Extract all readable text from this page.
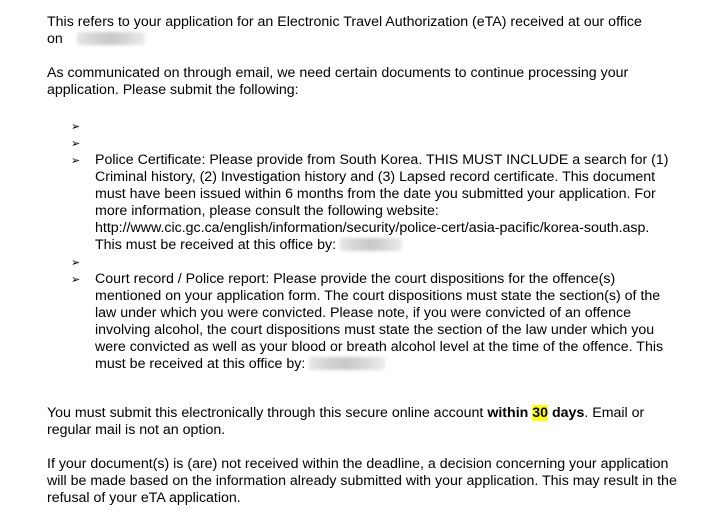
This refers to your application for an Electronic Travel Authorization (eTA) received at our office
on

As communicated on through email, we need certain documents to continue processing your application. Please submit the following:

➢
➢
➢	Police Certificate: Please provide from South Korea. THIS MUST INCLUDE a search for (1) Criminal history, (2) Investigation history and (3) Lapsed record certificate. This document must have been issued within 6 months from the date you submitted your application. For more information, please consult the following website: http://www.cic.gc.ca/english/information/security/police-cert/asia-pacific/korea-south.asp. This must be received at this office by:
➢
➢	Court record / Police report: Please provide the court dispositions for the offence(s) mentioned on your application form. The court dispositions must state the section(s) of the law under which you were convicted. Please note, if you were convicted of an offence involving alcohol, the court dispositions must state the section of the law under which you were convicted as well as your blood or breath alcohol level at the time of the offence. This must be received at this office by:

You must submit this electronically through this secure online account within 30 days. Email or regular mail is not an option.

If your document(s) is (are) not received within the deadline, a decision concerning your application will be made based on the information already submitted with your application. This may result in the refusal of your eTA application.
